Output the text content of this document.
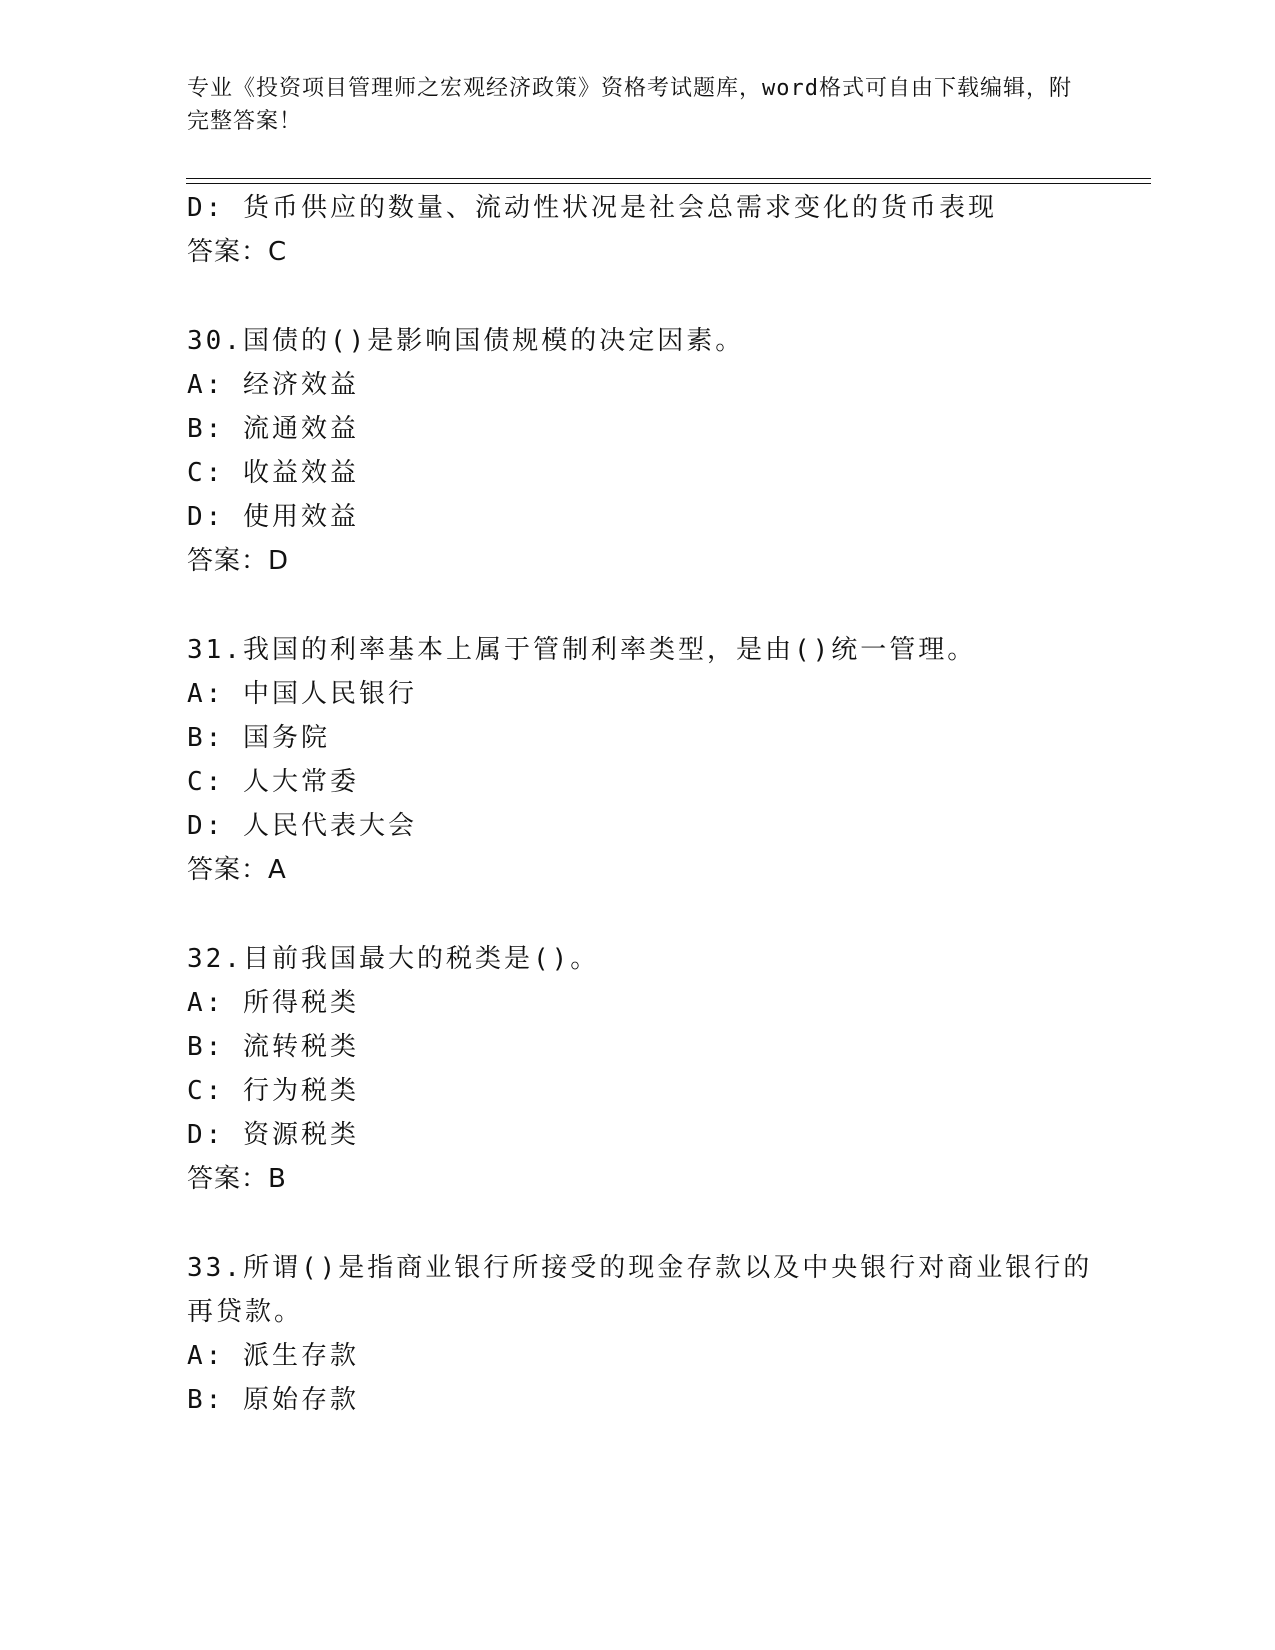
专业《投资项目管理师之宏观经济政策》资格考试题库，word格式可自由下载编辑，附完整答案！
D: 货币供应的数量、流动性状况是社会总需求变化的货币表现
答案：C
30.国债的()是影响国债规模的决定因素。
A: 经济效益
B: 流通效益
C: 收益效益
D: 使用效益
答案：D
31.我国的利率基本上属于管制利率类型，是由()统一管理。
A: 中国人民银行
B: 国务院
C: 人大常委
D: 人民代表大会
答案：A
32.目前我国最大的税类是()。
A: 所得税类
B: 流转税类
C: 行为税类
D: 资源税类
答案：B
33.所谓()是指商业银行所接受的现金存款以及中央银行对商业银行的
再贷款。
A: 派生存款
B: 原始存款
